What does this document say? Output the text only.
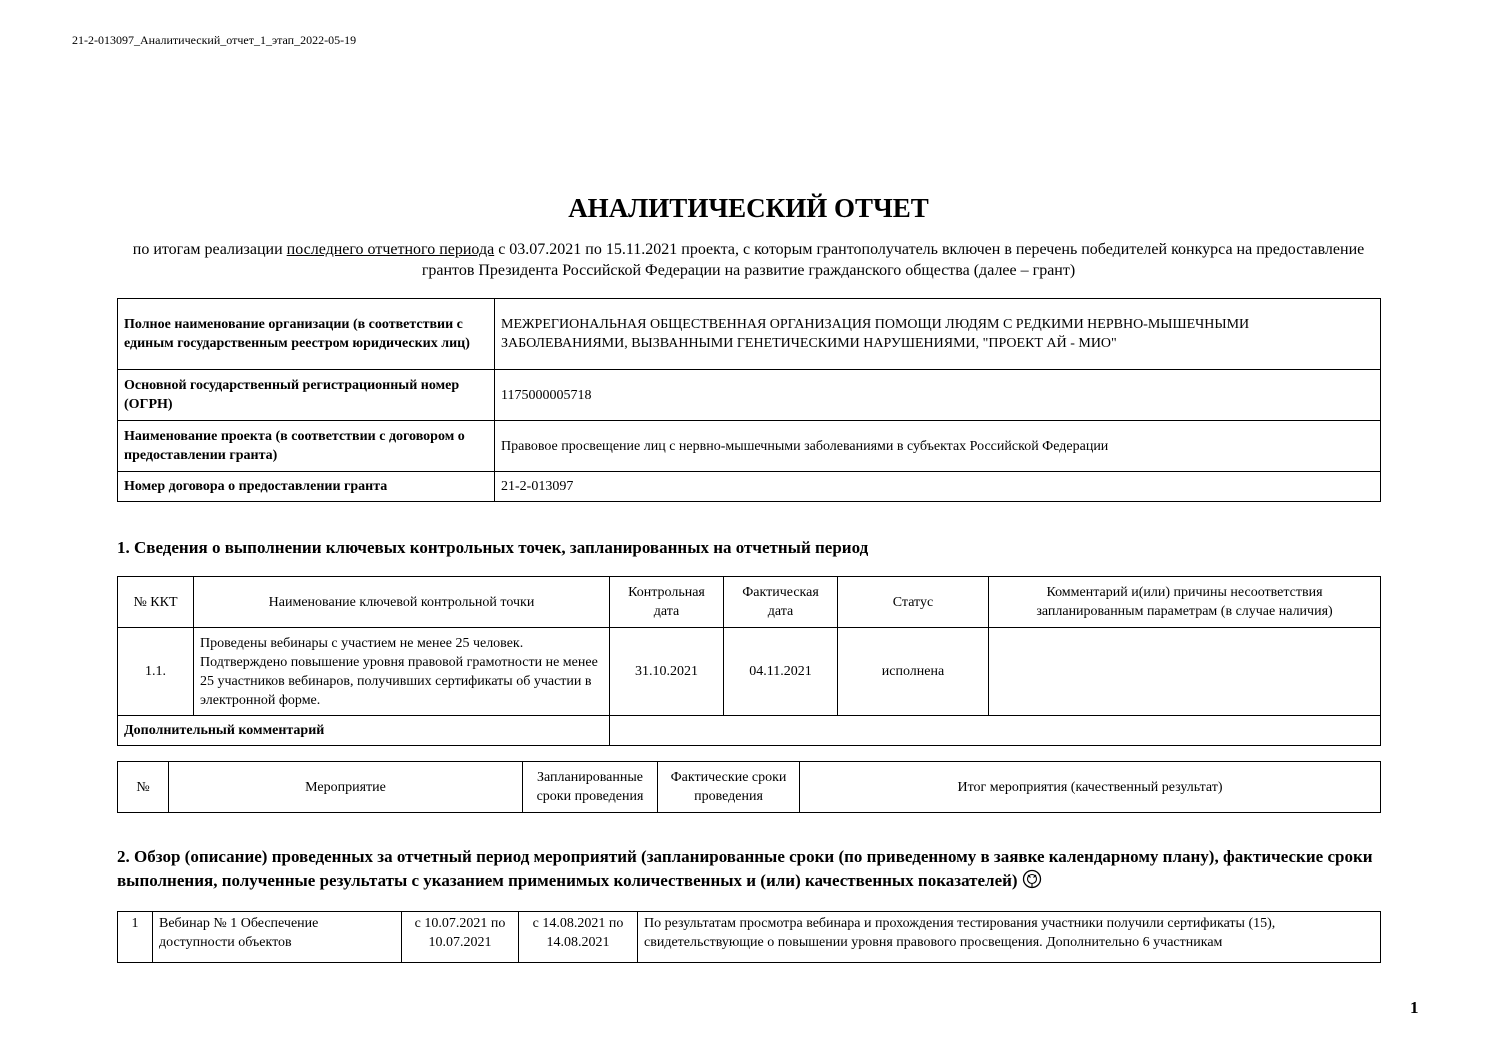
21-2-013097_Аналитический_отчет_1_этап_2022-05-19
АНАЛИТИЧЕСКИЙ ОТЧЕТ
по итогам реализации последнего отчетного периода с 03.07.2021 по 15.11.2021 проекта, с которым грантополучатель включен в перечень победителей конкурса на предоставление грантов Президента Российской Федерации на развитие гражданского общества (далее – грант)
Полное наименование организации (в соответствии с единым государственным реестром юридических лиц)	МЕЖРЕГИОНАЛЬНАЯ ОБЩЕСТВЕННАЯ ОРГАНИЗАЦИЯ ПОМОЩИ ЛЮДЯМ С РЕДКИМИ НЕРВНО-МЫШЕЧНЫМИ ЗАБОЛЕВАНИЯМИ, ВЫЗВАННЫМИ ГЕНЕТИЧЕСКИМИ НАРУШЕНИЯМИ, "ПРОЕКТ АЙ - МИО"
Основной государственный регистрационный номер (ОГРН)	1175000005718
Наименование проекта (в соответствии с договором о предоставлении гранта)	Правовое просвещение лиц с нервно-мышечными заболеваниями в субъектах Российской Федерации
Номер договора о предоставлении гранта	21-2-013097
1. Сведения о выполнении ключевых контрольных точек, запланированных на отчетный период
№ ККТ	Наименование ключевой контрольной точки	Контрольная дата	Фактическая дата	Статус	Комментарий и(или) причины несоответствия запланированным параметрам (в случае наличия)
1.1.	Проведены вебинары с участием не менее 25 человек. Подтверждено повышение уровня правовой грамотности не менее 25 участников вебинаров, получивших сертификаты об участии в электронной форме.	31.10.2021	04.11.2021	исполнена	
Дополнительный комментарий					
№	Мероприятие	Запланированные сроки проведения	Фактические сроки проведения	Итог мероприятия (качественный результат)
2. Обзор (описание) проведенных за отчетный период мероприятий (запланированные сроки (по приведенному в заявке календарному плану), фактические сроки выполнения, полученные результаты с указанием применимых количественных и (или) качественных показателей)
1	Вебинар № 1 Обеспечение доступности объектов	с 10.07.2021 по 10.07.2021	с 14.08.2021 по 14.08.2021	По результатам просмотра вебинара и прохождения тестирования участники получили сертификаты (15), свидетельствующие о повышении уровня правового просвещения. Дополнительно 6 участникам
1
